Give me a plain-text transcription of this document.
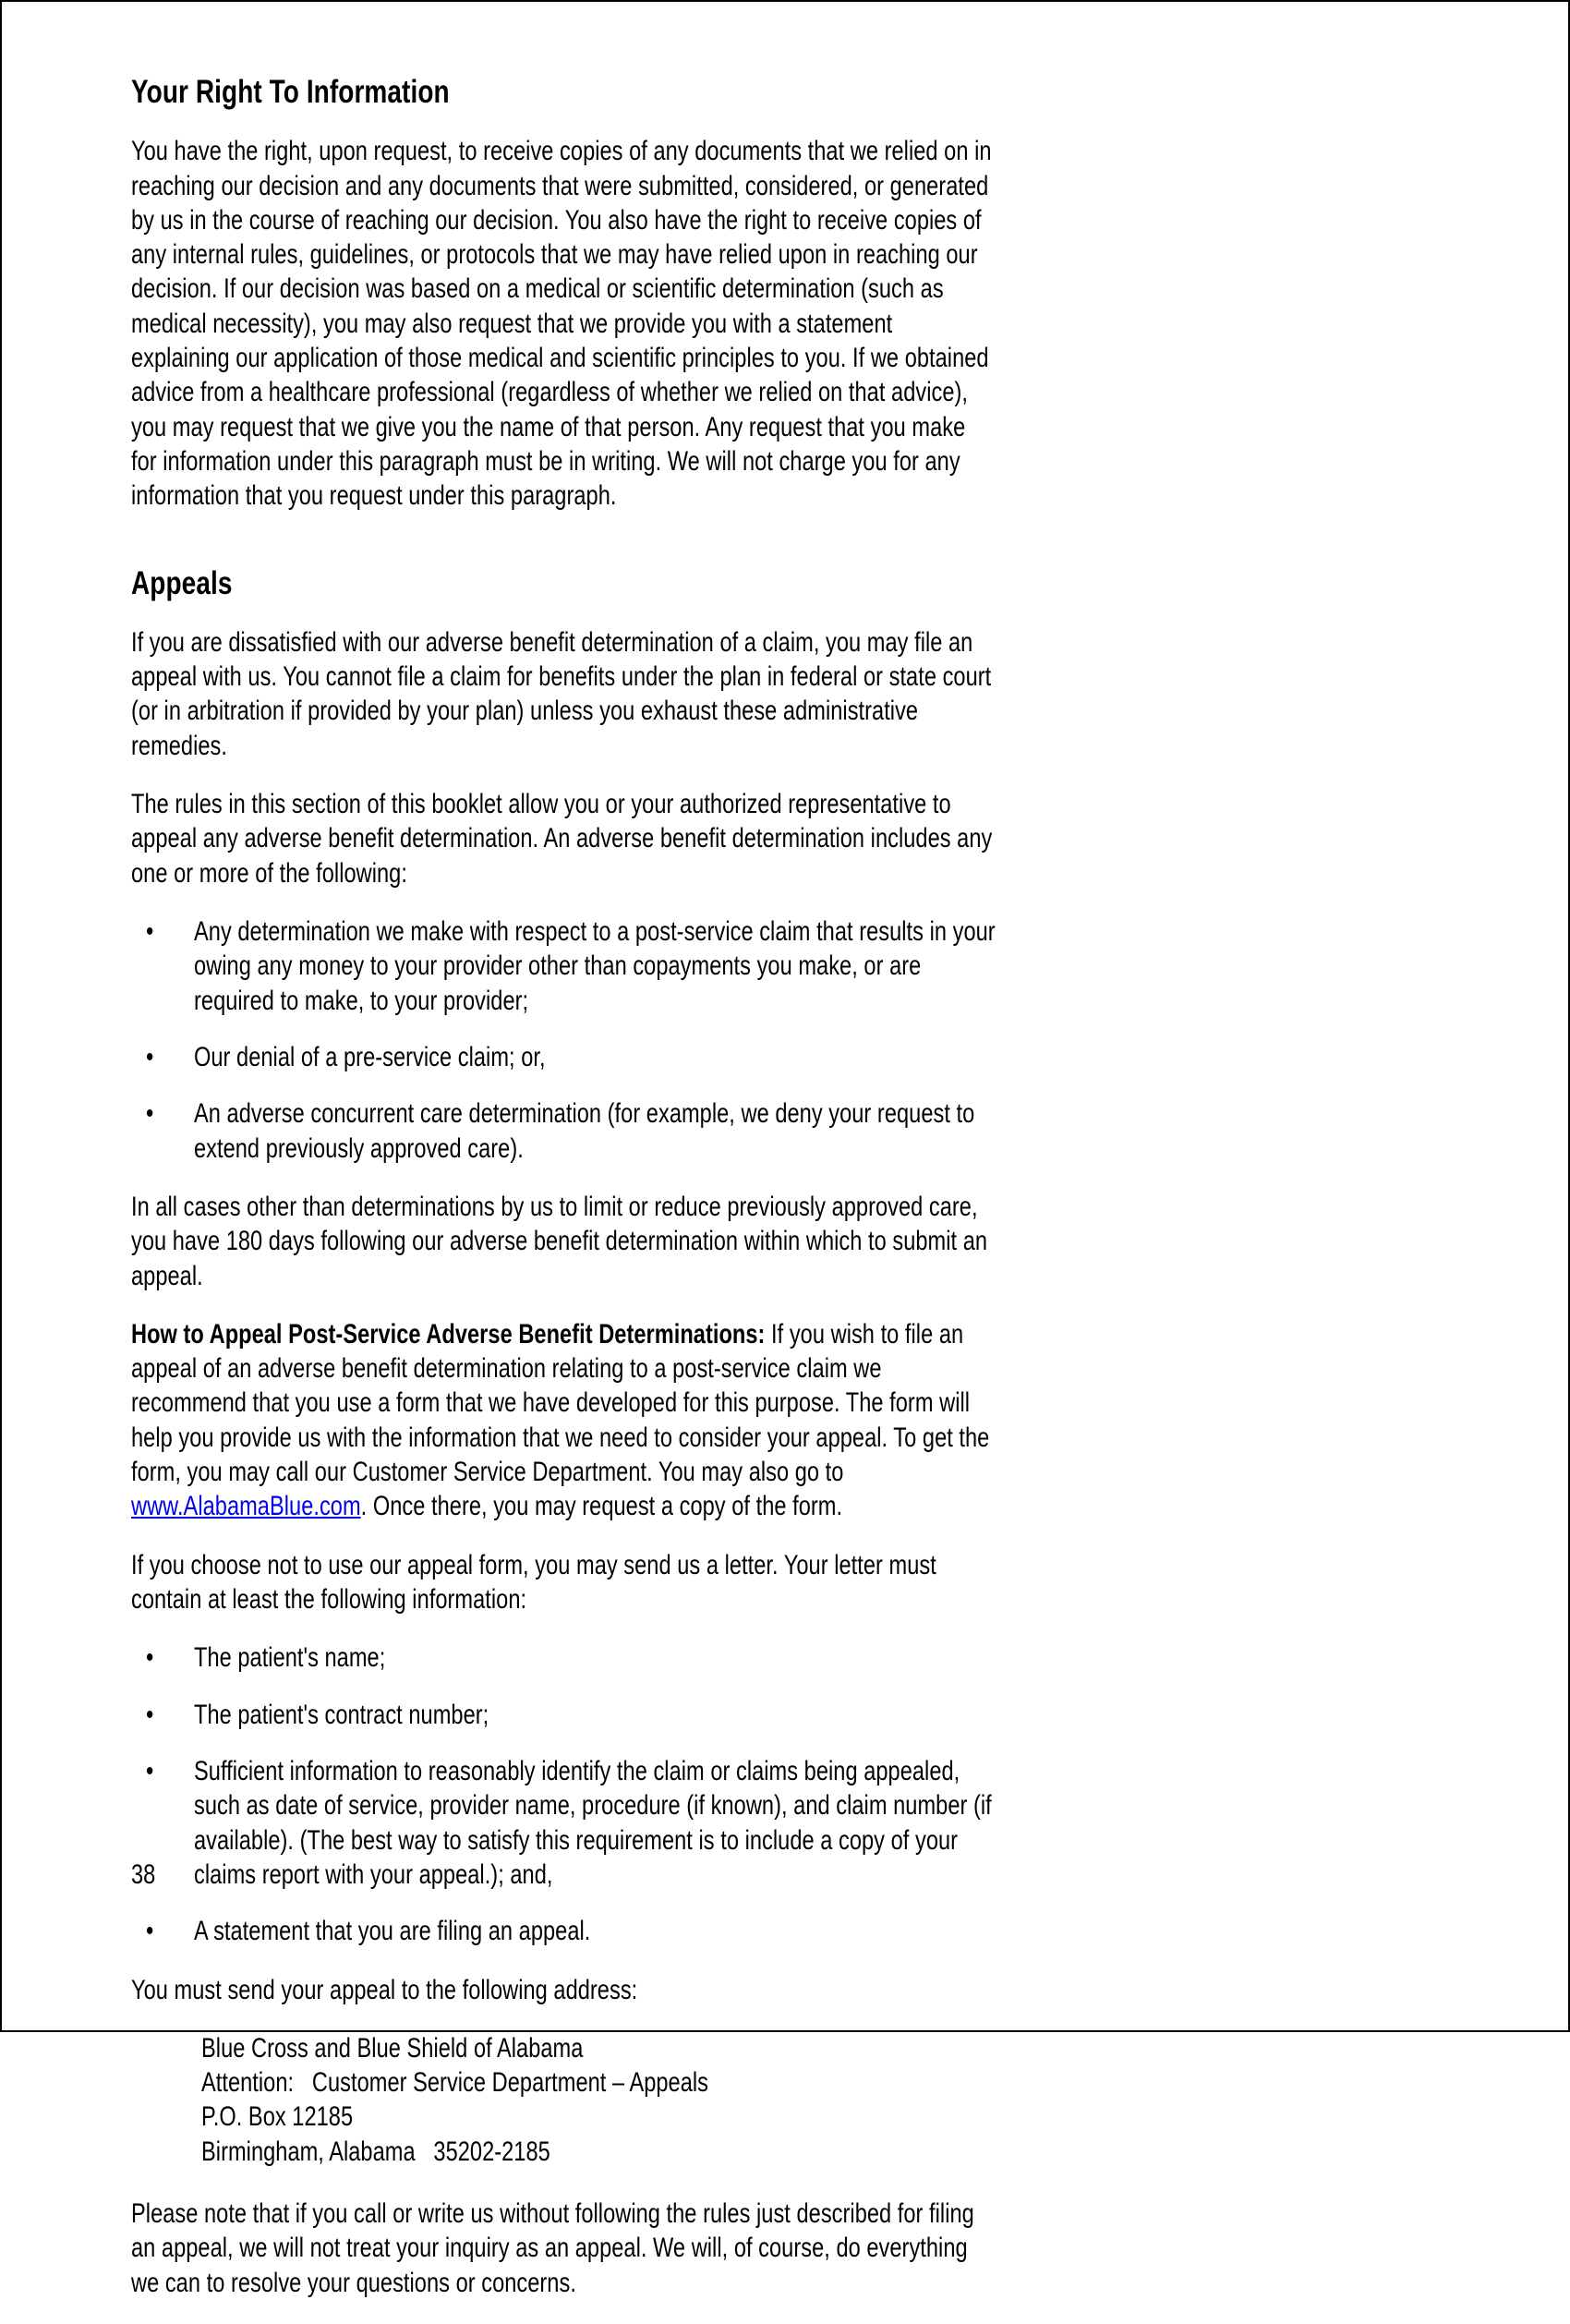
Your Right To Information

You have the right, upon request, to receive copies of any documents that we relied on in reaching our decision and any documents that were submitted, considered, or generated by us in the course of reaching our decision. You also have the right to receive copies of any internal rules, guidelines, or protocols that we may have relied upon in reaching our decision. If our decision was based on a medical or scientific determination (such as medical necessity), you may also request that we provide you with a statement explaining our application of those medical and scientific principles to you. If we obtained advice from a healthcare professional (regardless of whether we relied on that advice), you may request that we give you the name of that person. Any request that you make for information under this paragraph must be in writing. We will not charge you for any information that you request under this paragraph.

Appeals

If you are dissatisfied with our adverse benefit determination of a claim, you may file an appeal with us. You cannot file a claim for benefits under the plan in federal or state court (or in arbitration if provided by your plan) unless you exhaust these administrative remedies.

The rules in this section of this booklet allow you or your authorized representative to appeal any adverse benefit determination. An adverse benefit determination includes any one or more of the following:

• Any determination we make with respect to a post-service claim that results in your owing any money to your provider other than copayments you make, or are required to make, to your provider;
• Our denial of a pre-service claim; or,
• An adverse concurrent care determination (for example, we deny your request to extend previously approved care).

In all cases other than determinations by us to limit or reduce previously approved care, you have 180 days following our adverse benefit determination within which to submit an appeal.

How to Appeal Post-Service Adverse Benefit Determinations: If you wish to file an appeal of an adverse benefit determination relating to a post-service claim we recommend that you use a form that we have developed for this purpose. The form will help you provide us with the information that we need to consider your appeal. To get the form, you may call our Customer Service Department. You may also go to www.AlabamaBlue.com. Once there, you may request a copy of the form.

If you choose not to use our appeal form, you may send us a letter. Your letter must contain at least the following information:

• The patient's name;
• The patient's contract number;
• Sufficient information to reasonably identify the claim or claims being appealed, such as date of service, provider name, procedure (if known), and claim number (if available). (The best way to satisfy this requirement is to include a copy of your claims report with your appeal.); and,
• A statement that you are filing an appeal.

You must send your appeal to the following address:

Blue Cross and Blue Shield of Alabama
Attention:   Customer Service Department – Appeals
P.O. Box 12185
Birmingham, Alabama   35202-2185

Please note that if you call or write us without following the rules just described for filing an appeal, we will not treat your inquiry as an appeal. We will, of course, do everything we can to resolve your questions or concerns.

38
